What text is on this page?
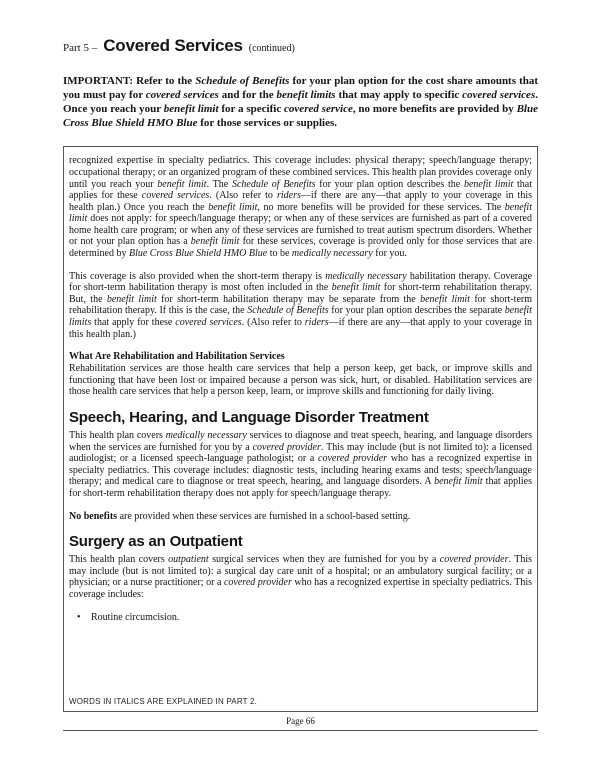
Part 5 – Covered Services (continued)
IMPORTANT: Refer to the Schedule of Benefits for your plan option for the cost share amounts that you must pay for covered services and for the benefit limits that may apply to specific covered services. Once you reach your benefit limit for a specific covered service, no more benefits are provided by Blue Cross Blue Shield HMO Blue for those services or supplies.

recognized expertise in specialty pediatrics. This coverage includes: physical therapy; speech/language therapy; occupational therapy; or an organized program of these combined services. This health plan provides coverage only until you reach your benefit limit. The Schedule of Benefits for your plan option describes the benefit limit that applies for these covered services. (Also refer to riders—if there are any—that apply to your coverage in this health plan.) Once you reach the benefit limit, no more benefits will be provided for these services. The benefit limit does not apply: for speech/language therapy; or when any of these services are furnished as part of a covered home health care program; or when any of these services are furnished to treat autism spectrum disorders. Whether or not your plan option has a benefit limit for these services, coverage is provided only for those services that are determined by Blue Cross Blue Shield HMO Blue to be medically necessary for you.

This coverage is also provided when the short-term therapy is medically necessary habilitation therapy. Coverage for short-term habilitation therapy is most often included in the benefit limit for short-term rehabilitation therapy. But, the benefit limit for short-term habilitation therapy may be separate from the benefit limit for short-term rehabilitation therapy. If this is the case, the Schedule of Benefits for your plan option describes the separate benefit limits that apply for these covered services. (Also refer to riders—if there are any—that apply to your coverage in this health plan.)

What Are Rehabilitation and Habilitation Services

Rehabilitation services are those health care services that help a person keep, get back, or improve skills and functioning that have been lost or impaired because a person was sick, hurt, or disabled. Habilitation services are those health care services that help a person keep, learn, or improve skills and functioning for daily living.

Speech, Hearing, and Language Disorder Treatment

This health plan covers medically necessary services to diagnose and treat speech, hearing, and language disorders when the services are furnished for you by a covered provider. This may include (but is not limited to): a licensed audiologist; or a licensed speech-language pathologist; or a covered provider who has a recognized expertise in specialty pediatrics. This coverage includes: diagnostic tests, including hearing exams and tests; speech/language therapy; and medical care to diagnose or treat speech, hearing, and language disorders. A benefit limit that applies for short-term rehabilitation therapy does not apply for speech/language therapy.

No benefits are provided when these services are furnished in a school-based setting.

Surgery as an Outpatient

This health plan covers outpatient surgical services when they are furnished for you by a covered provider. This may include (but is not limited to): a surgical day care unit of a hospital; or an ambulatory surgical facility; or a physician; or a nurse practitioner; or a covered provider who has a recognized expertise in specialty pediatrics. This coverage includes:

•	Routine circumcision.
WORDS IN ITALICS ARE EXPLAINED IN PART 2.
Page 66
